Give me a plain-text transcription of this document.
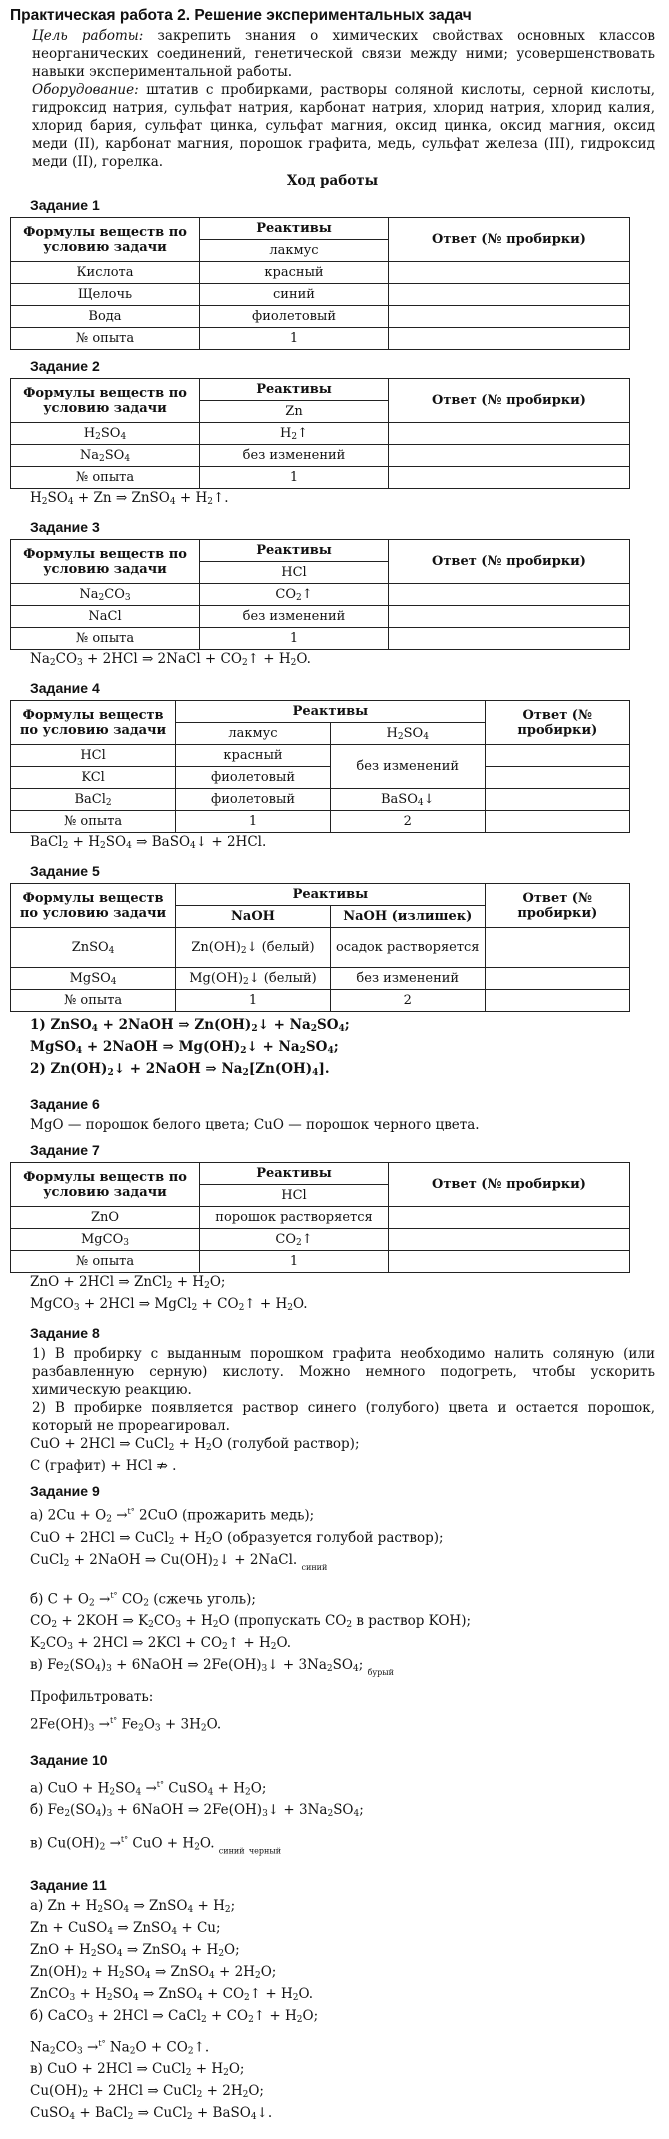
Практическая работа 2. Решение экспериментальных задач
Цель работы: закрепить знания о химических свойствах основных классов неорганических соединений, генетической связи между ними; усовершенствовать навыки экспериментальной работы.
Оборудование: штатив с пробирками, растворы соляной кислоты, серной кислоты, гидроксид натрия, сульфат натрия, карбонат натрия, хлорид натрия, хлорид калия, хлорид бария, сульфат цинка, сульфат магния, оксид цинка, оксид магния, оксид меди (II), карбонат магния, порошок графита, медь, сульфат железа (III), гидроксид меди (II), горелка.
Ход работы
Задание 1
Формулы веществ по условию задачи	Реактивы	Ответ (№ пробирки)
	лакмус	
Кислота	красный	
Щелочь	синий	
Вода	фиолетовый	
№ опыта	1	
Задание 2
Формулы веществ по условию задачи	Реактивы	Ответ (№ пробирки)
	Zn	
$H_2SO_4$	$H_2↑$	
$Na_2SO_4$	без изменений	
№ опыта	1	
$H_2SO_4 + Zn$ ⇒ ZnSO$_4$ + $H_2↑$.
Задание 3
Формулы веществ по условию задачи	Реактивы	Ответ (№ пробирки)
	HCl	
$Na_2CO_3$	$CO_2↑$	
NaCl	без изменений	
№ опыта	1	
$Na_2CO_3 + 2HCl$ ⇒ 2NaCl + $CO_2↑ + H_2O$.
Задание 4
Формулы веществ по условию задачи	Реактивы		Ответ (№ пробирки)
	лакмус	$H_2SO_4$
HCl	красный	без изменений	
KCl	фиолетовый		
BaCl$_2$	фиолетовый	BaSO$_4$↓	
№ опыта	1	2	
BaCl$_2$ + $H_2SO_4$ ⇒ BaSO$_4$↓ + 2HCl.
Задание 5
Формулы веществ по условию задачи	Реактивы		Ответ (№ пробирки)
	NaOH	NaOH (излишек)	
ZnSO$_4$	$Zn(OH)_2↓$ (белый)	осадок растворяется	
MgSO$_4$	$Mg(OH)_2↓$ (белый)	без изменений	
№ опыта	1	2	
1) ZnSO$_4$ + 2NaOH ⇒ $Zn(OH)_2↓ + Na_2SO_4$;
MgSO$_4$ + 2NaOH ⇒ $Mg(OH)_2↓ + Na_2SO_4$;
2) $Zn(OH)_2↓$ + 2NaOH ⇒ $Na_2[Zn(OH)_4]$.
Задание 6
MgO — порошок белого цвета; CuO — порошок черного цвета.
Задание 7
Формулы веществ по условию задачи	Реактивы	Ответ (№ пробирки)
	HCl	
ZnO	порошок растворяется	
MgCO$_3$	$CO_2↑$	
№ опыта	1	
ZnO + 2HCl ⇒ ZnCl$_2$ + $H_2O$;
MgCO$_3$ + 2HCl ⇒ MgCl$_2$ + $CO_2↑ + H_2O$.
Задание 8
1) В пробирку с выданным порошком графита необходимо налить соляную (или разбавленную серную) кислоту. Можно немного подогреть, чтобы ускорить химическую реакцию.
2) В пробирке появляется раствор синего (голубого) цвета и остается порошок, который не прореагировал.
CuO + 2HCl ⇒ CuCl$_2$ + $H_2O$ (голубой раствор);
C (графит) + HCl ⇏ .
Задание 9
а) $2Cu + O_2 \to^{t^\circ}$ 2CuO (прожарить медь);
CuO + 2HCl ⇒ CuCl$_2$ + $H_2O$ (образуется голубой раствор);
CuCl$_2$ + 2NaOH ⇒ $Cu(OH)_2↓$ + 2NaCl. $_{синий}$
б) $C + O_2 \to^{t^\circ}$ $CO_2$ (сжечь уголь);
$CO_2 + 2KOH$ ⇒ $K_2CO_3 + H_2O$ (пропускать $CO_2$ в раствор KOH);
$K_2CO_3 + 2HCl$ ⇒ $2KCl + CO_2↑ + H_2O$.
в) $Fe_2(SO_4)_3$ + 6NaOH ⇒ $2Fe(OH)_3↓ + 3Na_2SO_4$; $_{бурый}$
Профильтровать:
$2Fe(OH)_3 \to^{t^\circ}$ $Fe_2O_3 + 3H_2O$.
Задание 10
а) CuO + $H_2SO_4 \to^{t^\circ}$ CuSO$_4$ + $H_2O$;
б) $Fe_2(SO_4)_3$ + 6NaOH ⇒ $2Fe(OH)_3↓ + 3Na_2SO_4$;
в) $Cu(OH)_2 \to^{t^\circ}$ CuO + $H_2O$. $_{синий}$ $_{черный}$
Задание 11
а) $Zn + H_2SO_4$ ⇒ ZnSO$_4$ + $H_2$;
Zn + CuSO$_4$ ⇒ ZnSO$_4$ + Cu;
ZnO + $H_2SO_4$ ⇒ ZnSO$_4$ + $H_2O$;
$Zn(OH)_2 + H_2SO_4$ ⇒ ZnSO$_4$ + $2H_2O$;
ZnCO$_3$ + $H_2SO_4$ ⇒ ZnSO$_4$ + $CO_2↑ + H_2O$.
б) CaCO$_3$ + 2HCl ⇒ CaCl$_2$ + $CO_2↑ + H_2O$;
$Na_2CO_3 \to^{t^\circ}$ $Na_2O$ + $CO_2↑$.
в) CuO + 2HCl ⇒ CuCl$_2$ + $H_2O$;
$Cu(OH)_2 + 2HCl$ ⇒ CuCl$_2$ + $2H_2O$;
CuSO$_4$ + BaCl$_2$ ⇒ CuCl$_2$ + BaSO$_4$↓.
